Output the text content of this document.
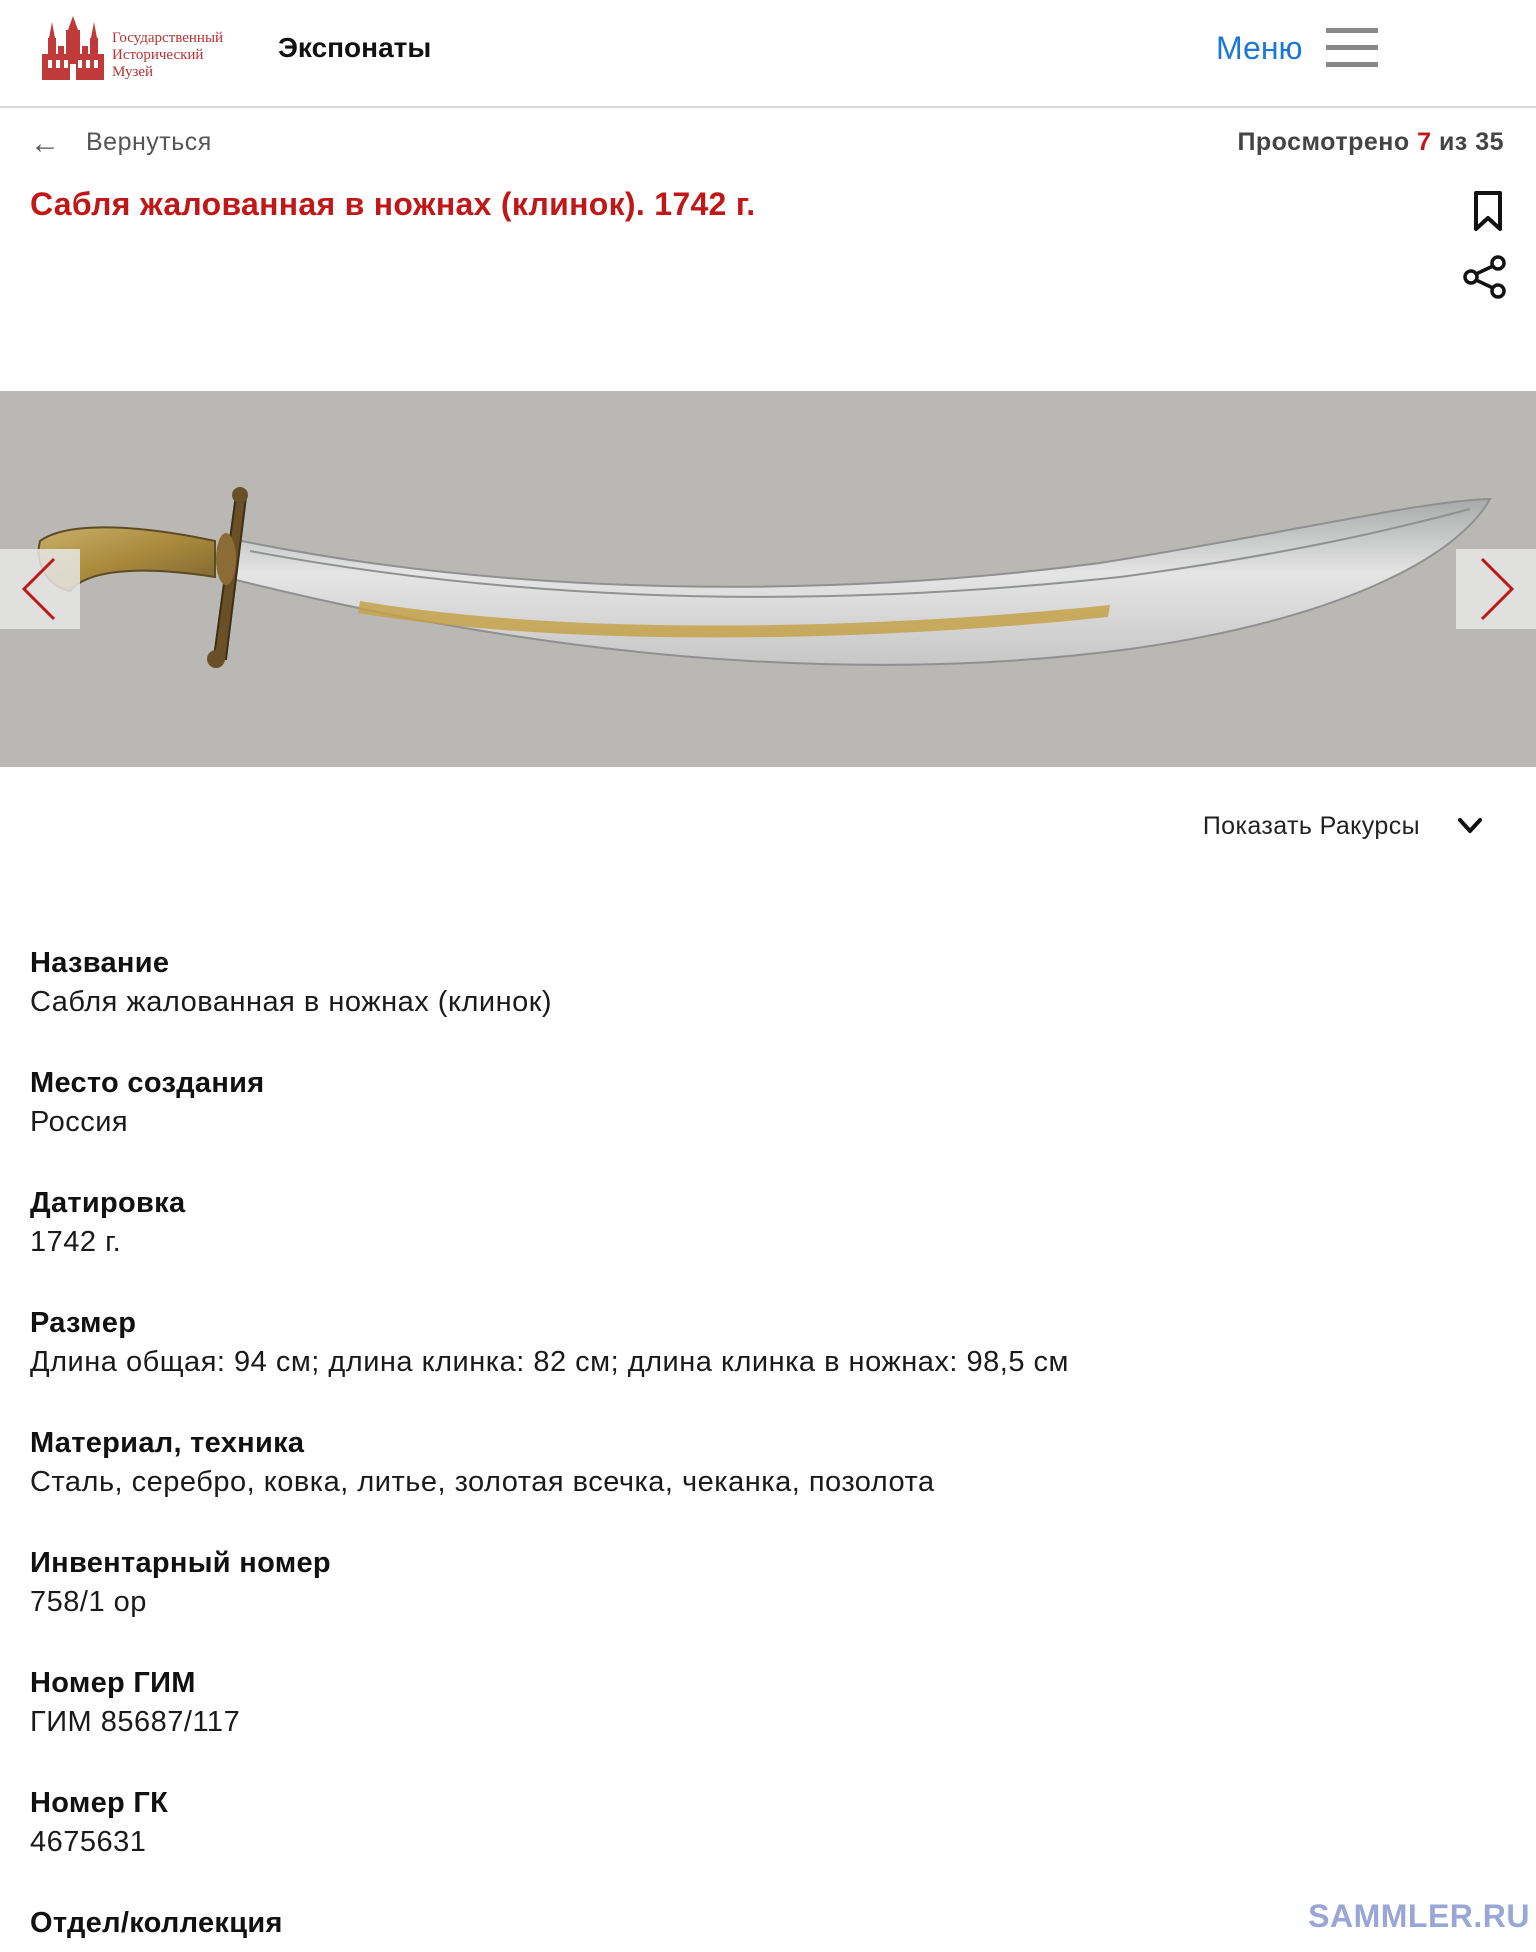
Государственный
Исторический
Музей
Экспонаты	Меню
← Вернуться	Просмотрено 7 из 35
Сабля жалованная в ножнах (клинок). 1742 г.
Показать Ракурсы
Название
Сабля жалованная в ножнах (клинок)
Место создания
Россия
Датировка
1742 г.
Размер
Длина общая: 94 см; длина клинка: 82 см; длина клинка в ножнах: 98,5 см
Материал, техника
Сталь, серебро, ковка, литье, золотая всечка, чеканка, позолота
Инвентарный номер
758/1 ор
Номер ГИМ
ГИМ 85687/117
Номер ГК
4675631
Отдел/коллекция	SAMMLER.RU
